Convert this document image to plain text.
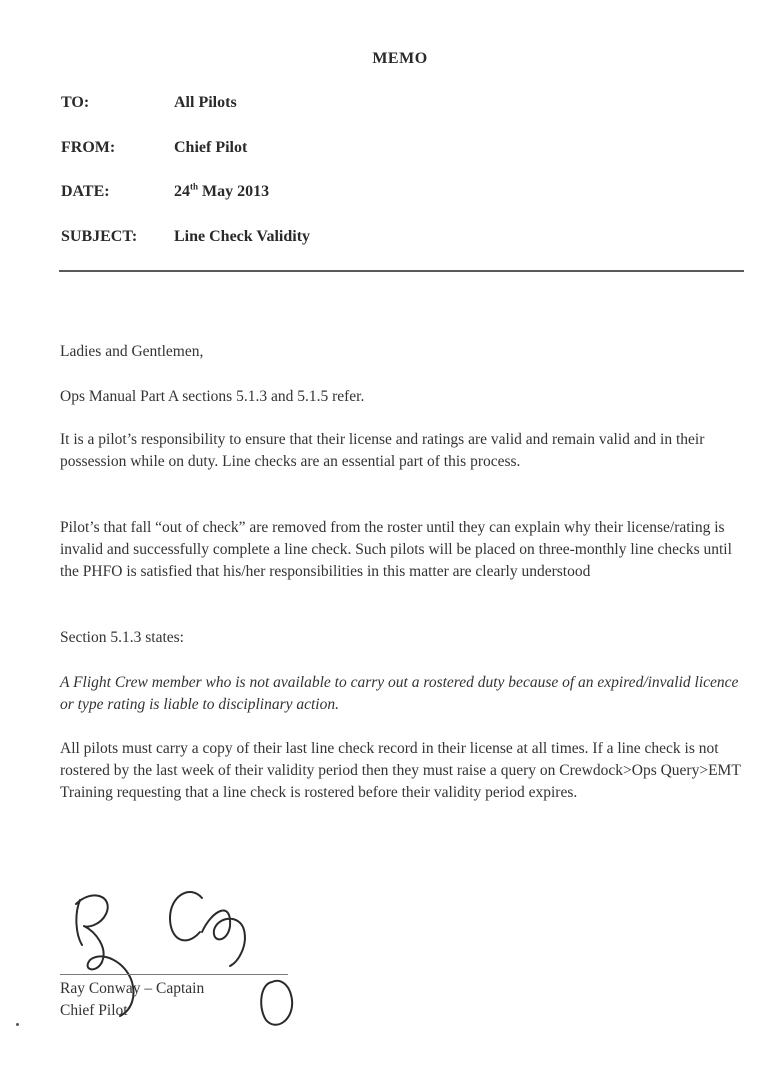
MEMO
TO:	All Pilots
FROM:	Chief Pilot
DATE:	24th May 2013
SUBJECT: Line Check Validity
Ladies and Gentlemen,
Ops Manual Part A sections 5.1.3 and 5.1.5 refer.
It is a pilot’s responsibility to ensure that their license and ratings are valid and remain valid and in their possession while on duty. Line checks are an essential part of this process.
Pilot’s that fall “out of check” are removed from the roster until they can explain why their license/rating is invalid and successfully complete a line check. Such pilots will be placed on three-monthly line checks until the PHFO is satisfied that his/her responsibilities in this matter are clearly understood
Section 5.1.3 states:
A Flight Crew member who is not available to carry out a rostered duty because of an expired/invalid licence or type rating is liable to disciplinary action.
All pilots must carry a copy of their last line check record in their license at all times. If a line check is not rostered by the last week of their validity period then they must raise a query on Crewdock>Ops Query>EMT Training requesting that a line check is rostered before their validity period expires.
Ray Conway – Captain
Chief Pilot
